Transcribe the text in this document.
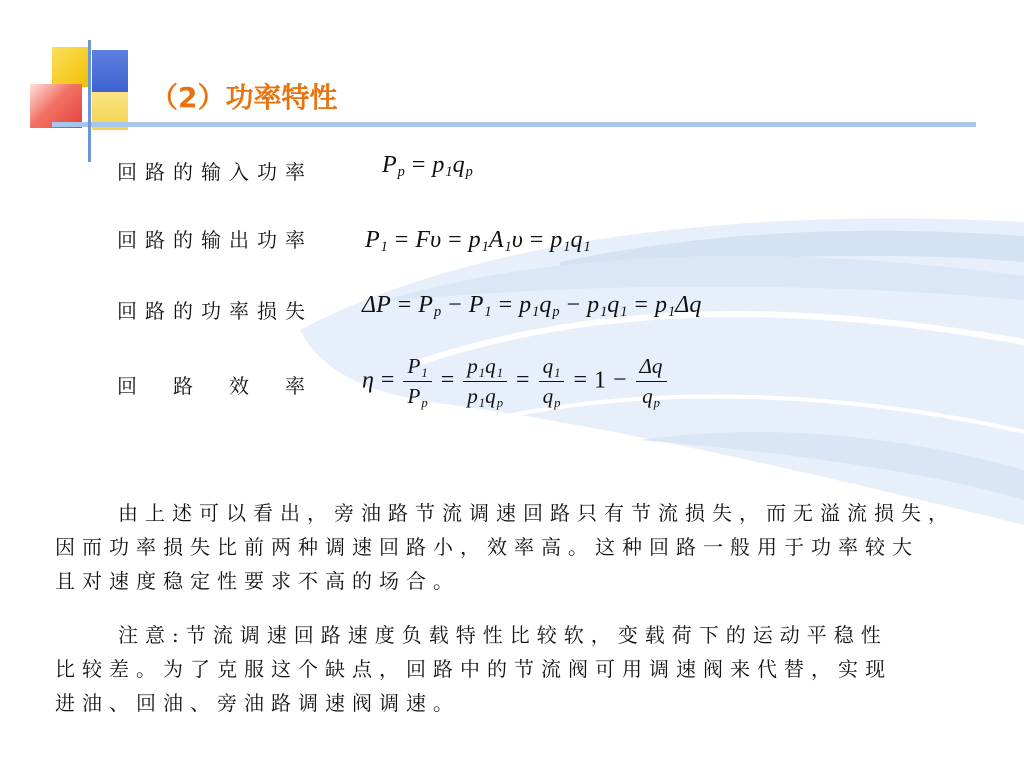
（2）功率特性
回路的输入功率	$P_p = p_1q_p$
回路的输出功率 $P_1 = F\upsilon = p_1A_1\upsilon = p_1q_1$
回路的功率损失 $\Delta P = P_p - P_1 = p_1q_p - p_1q_1 = p_1\Delta q$
回　路　效　率 $\eta = \frac{P_1}{P_p} = \frac{p_1q_1}{p_1q_p} = \frac{q_1}{q_p} = 1 - \frac{\Delta q}{q_p}$
由上述可以看出，旁油路节流调速回路只有节流损失，而无溢流损失，
因而功率损失比前两种调速回路小，效率高。这种回路一般用于功率较大
且对速度稳定性要求不高的场合。
注意:节流调速回路速度负载特性比较软，变载荷下的运动平稳性
比较差。为了克服这个缺点，回路中的节流阀可用调速阀来代替，实现
进油、回油、旁油路调速阀调速。
